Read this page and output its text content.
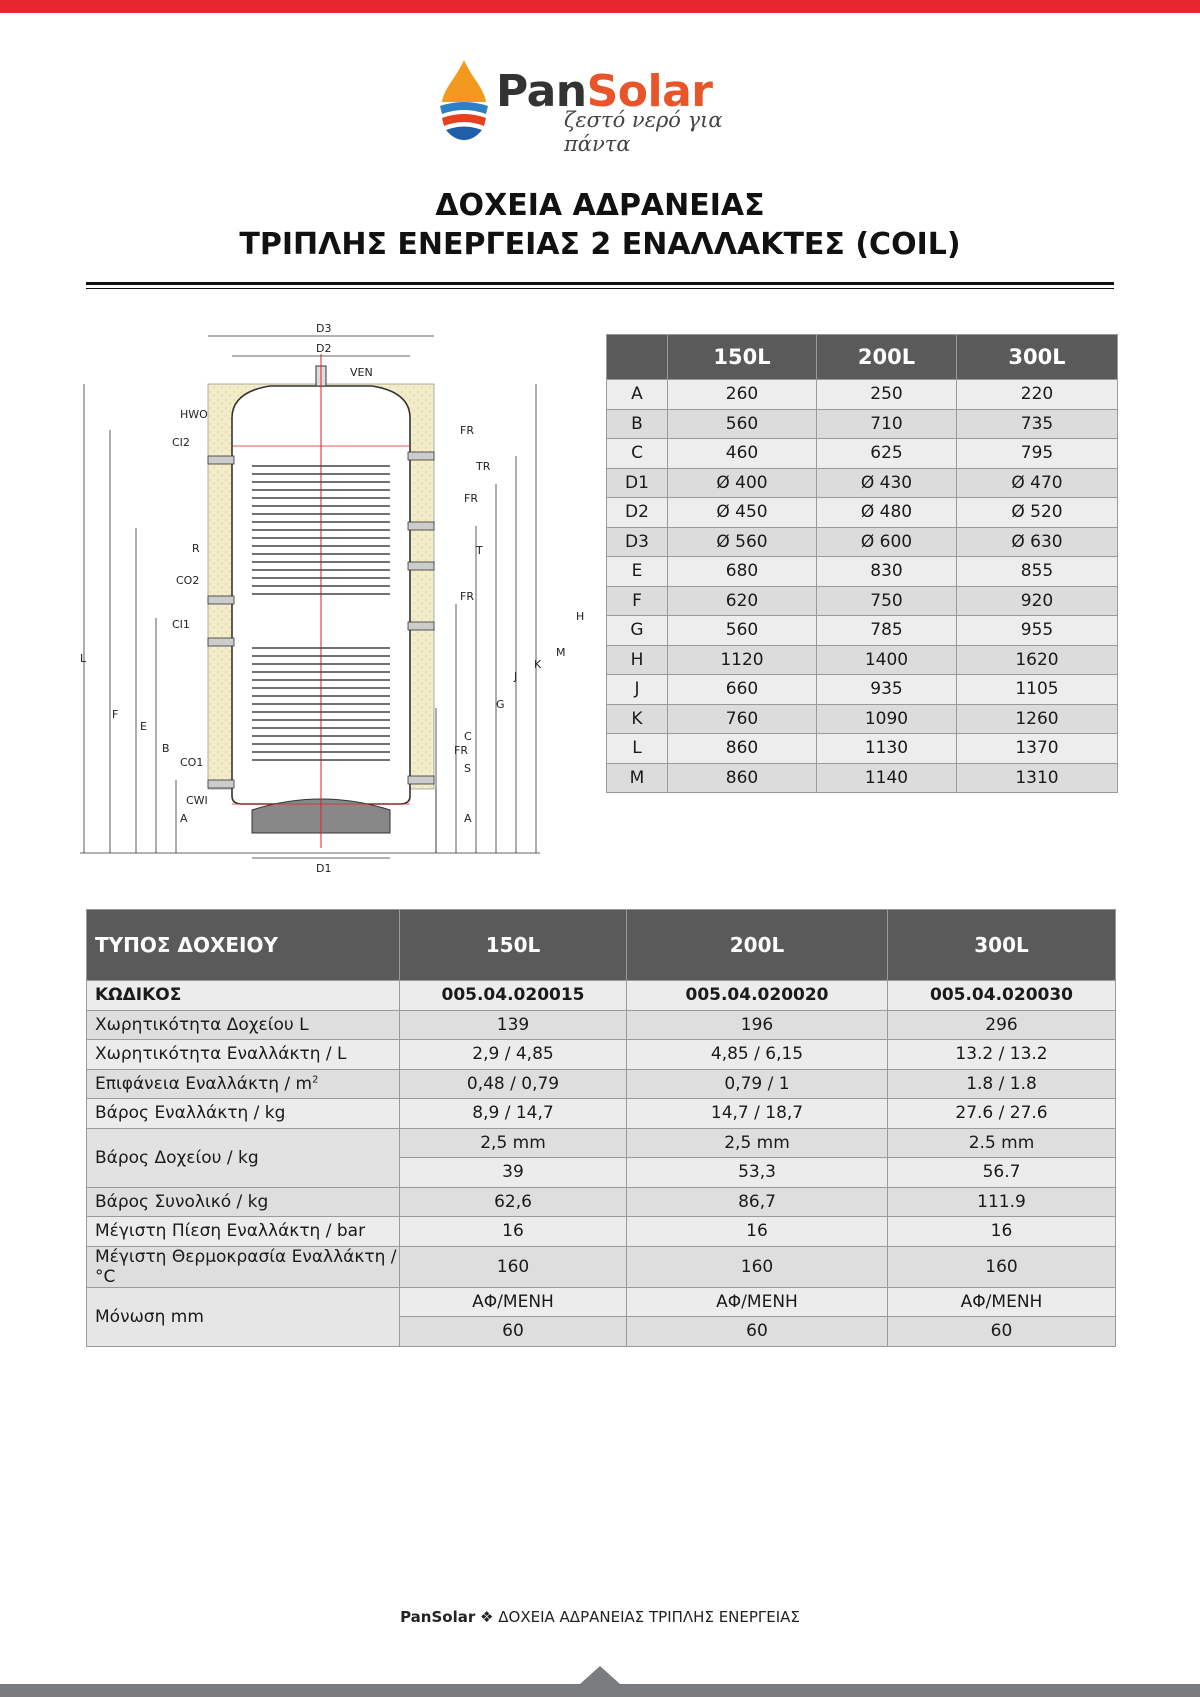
PanSolar
ζεστό νερό για πάντα
ΔΟΧΕΙΑ ΑΔΡΑΝΕΙΑΣ
ΤΡΙΠΛΗΣ ΕΝΕΡΓΕΙΑΣ 2 ΕΝΑΛΛΑΚΤΕΣ (COIL)
D3
D2
D1
VEN
HWO
CI2
R
CO2
CI1
CO1
CWI
FR
TR
FR
T
FR
FR
S
L
F
E
B
A
C
G
J
K
M
H
A
	150L	200L	300L
A	260	250	220
B	560	710	735
C	460	625	795
D1	Ø 400	Ø 430	Ø 470
D2	Ø 450	Ø 480	Ø 520
D3	Ø 560	Ø 600	Ø 630
E	680	830	855
F	620	750	920
G	560	785	955
H	1120	1400	1620
J	660	935	1105
K	760	1090	1260
L	860	1130	1370
M	860	1140	1310
ΤΥΠΟΣ ΔΟΧΕΙΟΥ	150L	200L	300L
ΚΩΔΙΚΟΣ	005.04.020015	005.04.020020	005.04.020030
Χωρητικότητα Δοχείου L	139	196	296
Χωρητικότητα Εναλλάκτη / L	2,9 / 4,85	4,85 / 6,15	13.2 / 13.2
Επιφάνεια Εναλλάκτη / $m^2$	0,48 / 0,79	0,79 / 1	1.8 / 1.8
Βάρος Εναλλάκτη / kg	8,9 / 14,7	14,7 / 18,7	27.6 / 27.6
Βάρος Δοχείου / kg	2,5 mm	2,5 mm	2.5 mm
	39	53,3	56.7
Βάρος Συνολικό / kg	62,6	86,7	111.9
Μέγιστη Πίεση Εναλλάκτη / bar	16	16	16
Μέγιστη Θερμοκρασία Εναλλάκτη / °C	160	160	160
Μόνωση mm	ΑΦ/ΜΕΝΗ	ΑΦ/ΜΕΝΗ	ΑΦ/ΜΕΝΗ
	60	60	60
PanSolar ❖ ΔΟΧΕΙΑ ΑΔΡΑΝΕΙΑΣ ΤΡΙΠΛΗΣ ΕΝΕΡΓΕΙΑΣ
